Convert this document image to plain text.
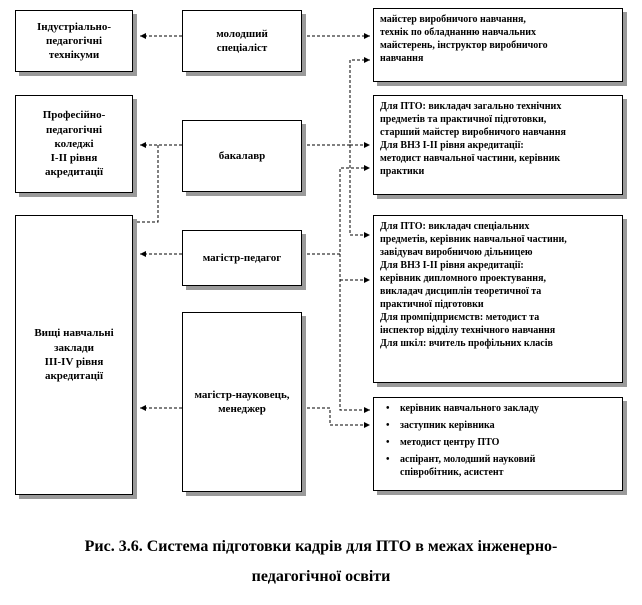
Індустріально-
педагогічні
технікуми
Професійно-
педагогічні
коледжі
I-II рівня
акредитації
Вищі навчальні
заклади
III-IV рівня
акредитації
молодший
спеціаліст
бакалавр
магістр-педагог
магістр-науковець,
менеджер
майстер виробничого навчання,
технік по обладнанню навчальних
майстерень, інструктор виробничого
навчання
Для ПТО: викладач загально технічних
предметів та практичної підготовки,
старший майстер виробничого навчання
Для ВНЗ I-II рівня акредитації:
методист навчальної частини, керівник
практики
Для ПТО: викладач спеціальних
предметів, керівник навчальної частини,
завідувач виробничою дільницею
Для ВНЗ I-II рівня акредитації:
керівник дипломного проектування,
викладач дисциплін теоретичної та
практичної підготовки
Для промпідприємств: методист та
інспектор відділу технічного навчання
Для шкіл: вчитель профільних класів
• керівник навчального закладу
• заступник керівника
• методист центру ПТО
• аспірант, молодший науковий
співробітник, асистент
Рис. 3.6. Система підготовки кадрів для ПТО в межах інженерно-
педагогічної освіти
